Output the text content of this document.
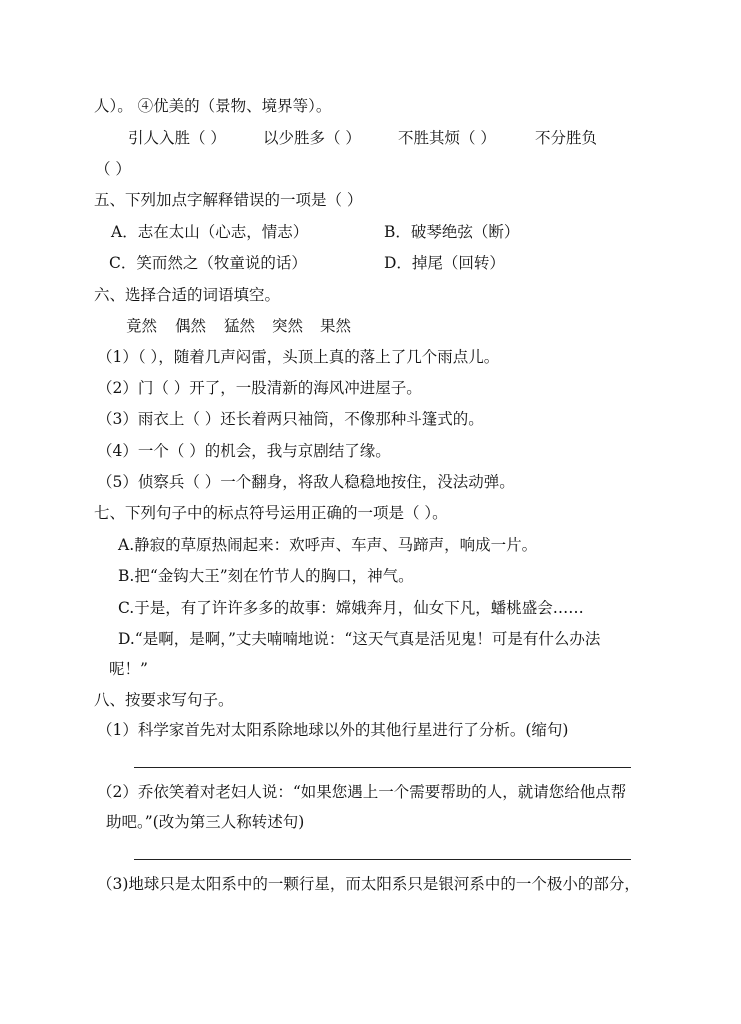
人）。 ④优美的（景物、境界等）。
引人入胜（ ） 以少胜多（ ） 不胜其烦（ ）	不分胜负
（ ）
五、下列加点字解释错误的一项是（ ）
A．志在太山（心志，情志）	B．破琴绝弦（断）
C．笑而然之（牧童说的话）	D．掉尾（回转）
六、选择合适的词语填空。
竟然 偶然 猛然 突然 果然
（1）（ ），随着几声闷雷，头顶上真的落上了几个雨点儿。
（2）门（ ）开了，一股清新的海风冲进屋子。
（3）雨衣上（ ）还长着两只袖筒，不像那种斗篷式的。
（4）一个（ ）的机会，我与京剧结了缘。
（5）侦察兵（ ）一个翻身，将敌人稳稳地按住，没法动弹。
七、下列句子中的标点符号运用正确的一项是（ ）。
A.静寂的草原热闹起来：欢呼声、车声、马蹄声，响成一片。
B.把“金钩大王”刻在竹节人的胸口，神气。
C.于是，有了许许多多的故事：嫦娥奔月，仙女下凡，蟠桃盛会……
D.“是啊，是啊，”丈夫喃喃地说：“这天气真是活见鬼！可是有什么办法
呢！”
八、按要求写句子。
（1）科学家首先对太阳系除地球以外的其他行星进行了分析。(缩句)
（2）乔依笑着对老妇人说：“如果您遇上一个需要帮助的人，就请您给他点帮
助吧。”(改为第三人称转述句)
（3)地球只是太阳系中的一颗行星，而太阳系只是银河系中的一个极小的部分，
